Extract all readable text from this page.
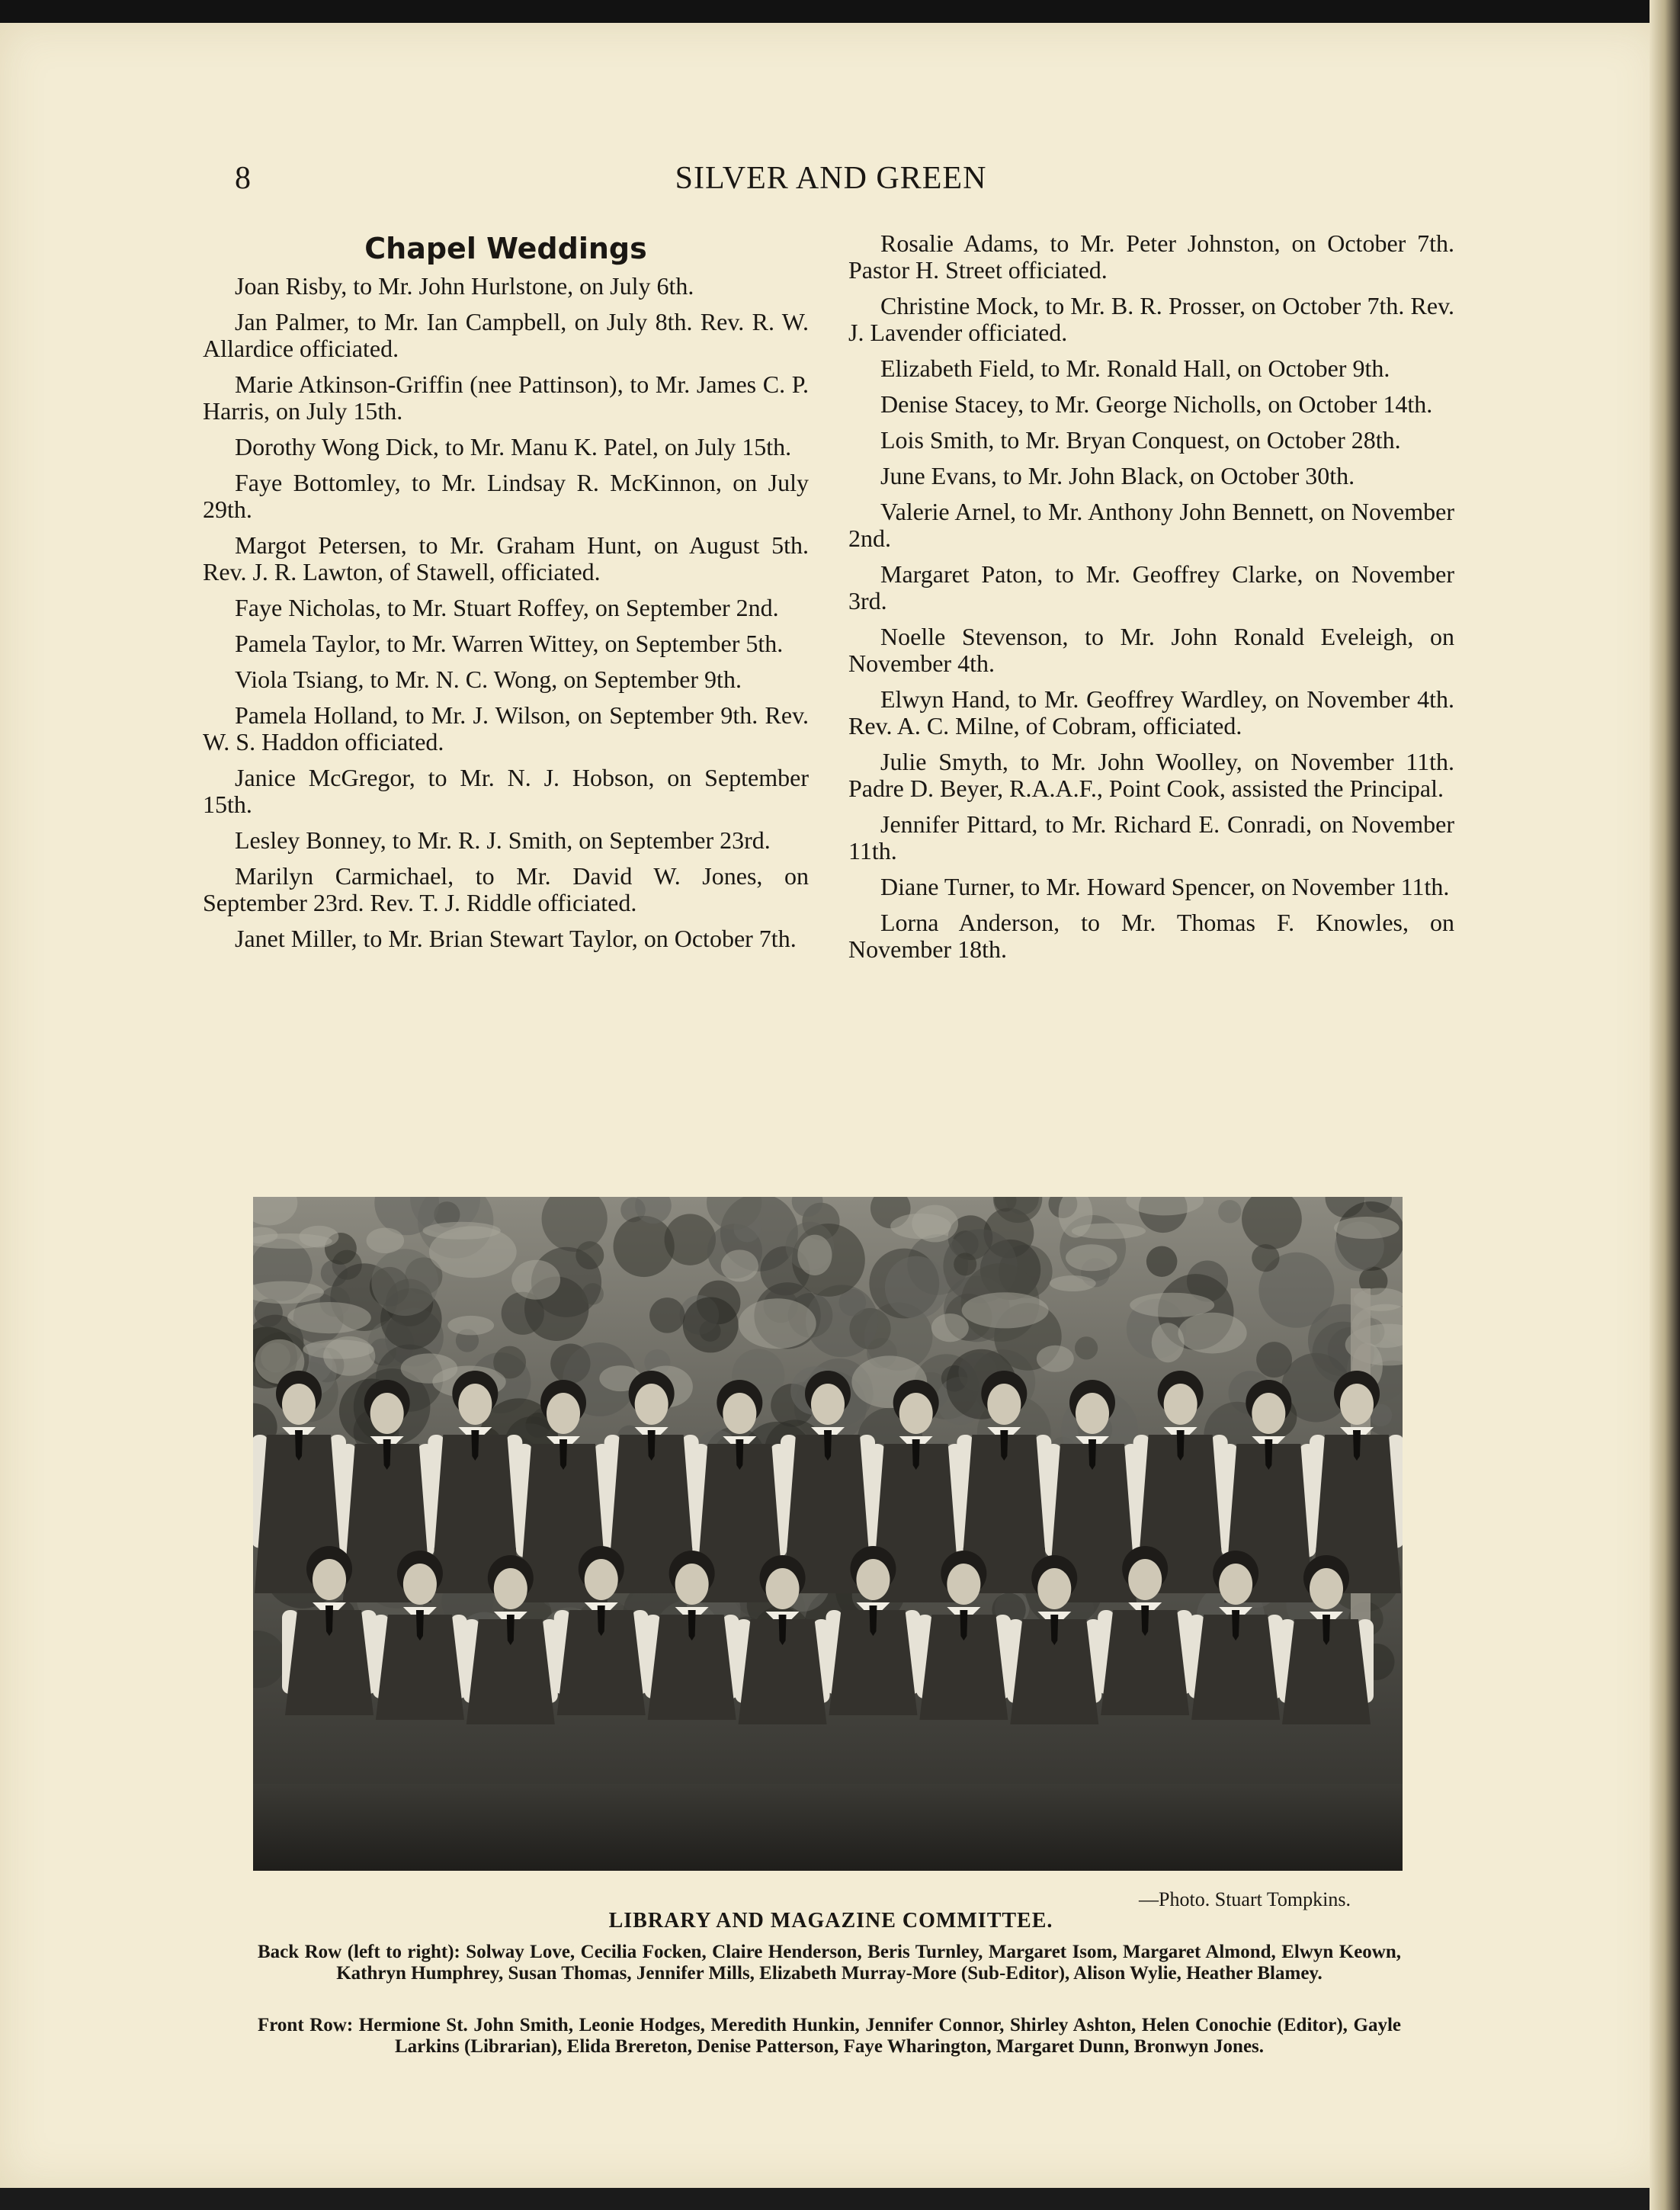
8	SILVER AND GREEN
Chapel Weddings

Joan Risby, to Mr. John Hurlstone, on July 6th.

Jan Palmer, to Mr. Ian Campbell, on July 8th. Rev. R. W. Allardice officiated.

Marie Atkinson-Griffin (nee Pattinson), to Mr. James C. P. Harris, on July 15th.

Dorothy Wong Dick, to Mr. Manu K. Patel, on July 15th.

Faye Bottomley, to Mr. Lindsay R. McKinnon, on July 29th.

Margot Petersen, to Mr. Graham Hunt, on August 5th. Rev. J. R. Lawton, of Stawell, officiated.

Faye Nicholas, to Mr. Stuart Roffey, on September 2nd.

Pamela Taylor, to Mr. Warren Wittey, on September 5th.

Viola Tsiang, to Mr. N. C. Wong, on September 9th.

Pamela Holland, to Mr. J. Wilson, on September 9th. Rev. W. S. Haddon officiated.

Janice McGregor, to Mr. N. J. Hobson, on September 15th.

Lesley Bonney, to Mr. R. J. Smith, on September 23rd.

Marilyn Carmichael, to Mr. David W. Jones, on September 23rd. Rev. T. J. Riddle officiated.

Janet Miller, to Mr. Brian Stewart Taylor, on October 7th.

Rosalie Adams, to Mr. Peter Johnston, on October 7th. Pastor H. Street officiated.

Christine Mock, to Mr. B. R. Prosser, on October 7th. Rev. J. Lavender officiated.

Elizabeth Field, to Mr. Ronald Hall, on October 9th.

Denise Stacey, to Mr. George Nicholls, on October 14th.

Lois Smith, to Mr. Bryan Conquest, on October 28th.

June Evans, to Mr. John Black, on October 30th.

Valerie Arnel, to Mr. Anthony John Bennett, on November 2nd.

Margaret Paton, to Mr. Geoffrey Clarke, on November 3rd.

Noelle Stevenson, to Mr. John Ronald Eveleigh, on November 4th.

Elwyn Hand, to Mr. Geoffrey Wardley, on November 4th. Rev. A. C. Milne, of Cobram, officiated.

Julie Smyth, to Mr. John Woolley, on November 11th. Padre D. Beyer, R.A.A.F., Point Cook, assisted the Principal.

Jennifer Pittard, to Mr. Richard E. Conradi, on November 11th.

Diane Turner, to Mr. Howard Spencer, on November 11th.

Lorna Anderson, to Mr. Thomas F. Knowles, on November 18th.

—Photo. Stuart Tompkins.
LIBRARY AND MAGAZINE COMMITTEE.
Back Row (left to right): Solway Love, Cecilia Focken, Claire Henderson, Beris Turnley, Margaret Isom, Margaret Almond, Elwyn Keown, Kathryn Humphrey, Susan Thomas, Jennifer Mills, Elizabeth Murray-More (Sub-Editor), Alison Wylie, Heather Blamey.
Front Row: Hermione St. John Smith, Leonie Hodges, Meredith Hunkin, Jennifer Connor, Shirley Ashton, Helen Conochie (Editor), Gayle Larkins (Librarian), Elida Brereton, Denise Patterson, Faye Wharington, Margaret Dunn, Bronwyn Jones.
